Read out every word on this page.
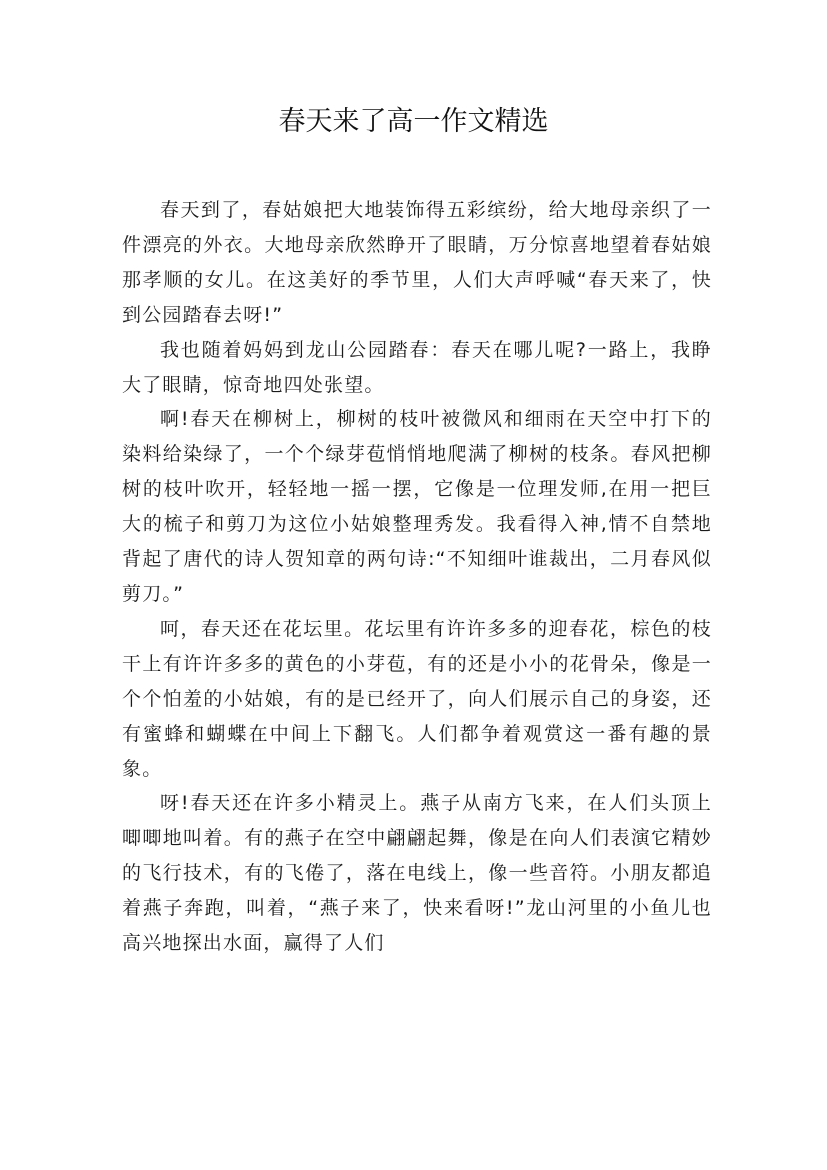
春天来了高一作文精选

春天到了，春姑娘把大地装饰得五彩缤纷，给大地母亲织了一件漂亮的外衣。大地母亲欣然睁开了眼睛，万分惊喜地望着春姑娘那孝顺的女儿。在这美好的季节里，人们大声呼喊“春天来了，快到公园踏春去呀!”

我也随着妈妈到龙山公园踏春：春天在哪儿呢?一路上，我睁大了眼睛，惊奇地四处张望。

啊!春天在柳树上，柳树的枝叶被微风和细雨在天空中打下的染料给染绿了，一个个绿芽苞悄悄地爬满了柳树的枝条。春风把柳树的枝叶吹开，轻轻地一摇一摆，它像是一位理发师,在用一把巨大的梳子和剪刀为这位小姑娘整理秀发。我看得入神,情不自禁地背起了唐代的诗人贺知章的两句诗:“不知细叶谁裁出，二月春风似剪刀。”

呵，春天还在花坛里。花坛里有许许多多的迎春花，棕色的枝干上有许许多多的黄色的小芽苞，有的还是小小的花骨朵，像是一个个怕羞的小姑娘，有的是已经开了，向人们展示自己的身姿，还有蜜蜂和蝴蝶在中间上下翻飞。人们都争着观赏这一番有趣的景象。

呀!春天还在许多小精灵上。燕子从南方飞来，在人们头顶上唧唧地叫着。有的燕子在空中翩翩起舞，像是在向人们表演它精妙的飞行技术，有的飞倦了，落在电线上，像一些音符。小朋友都追着燕子奔跑，叫着，“燕子来了，快来看呀!”龙山河里的小鱼儿也高兴地探出水面，赢得了人们
